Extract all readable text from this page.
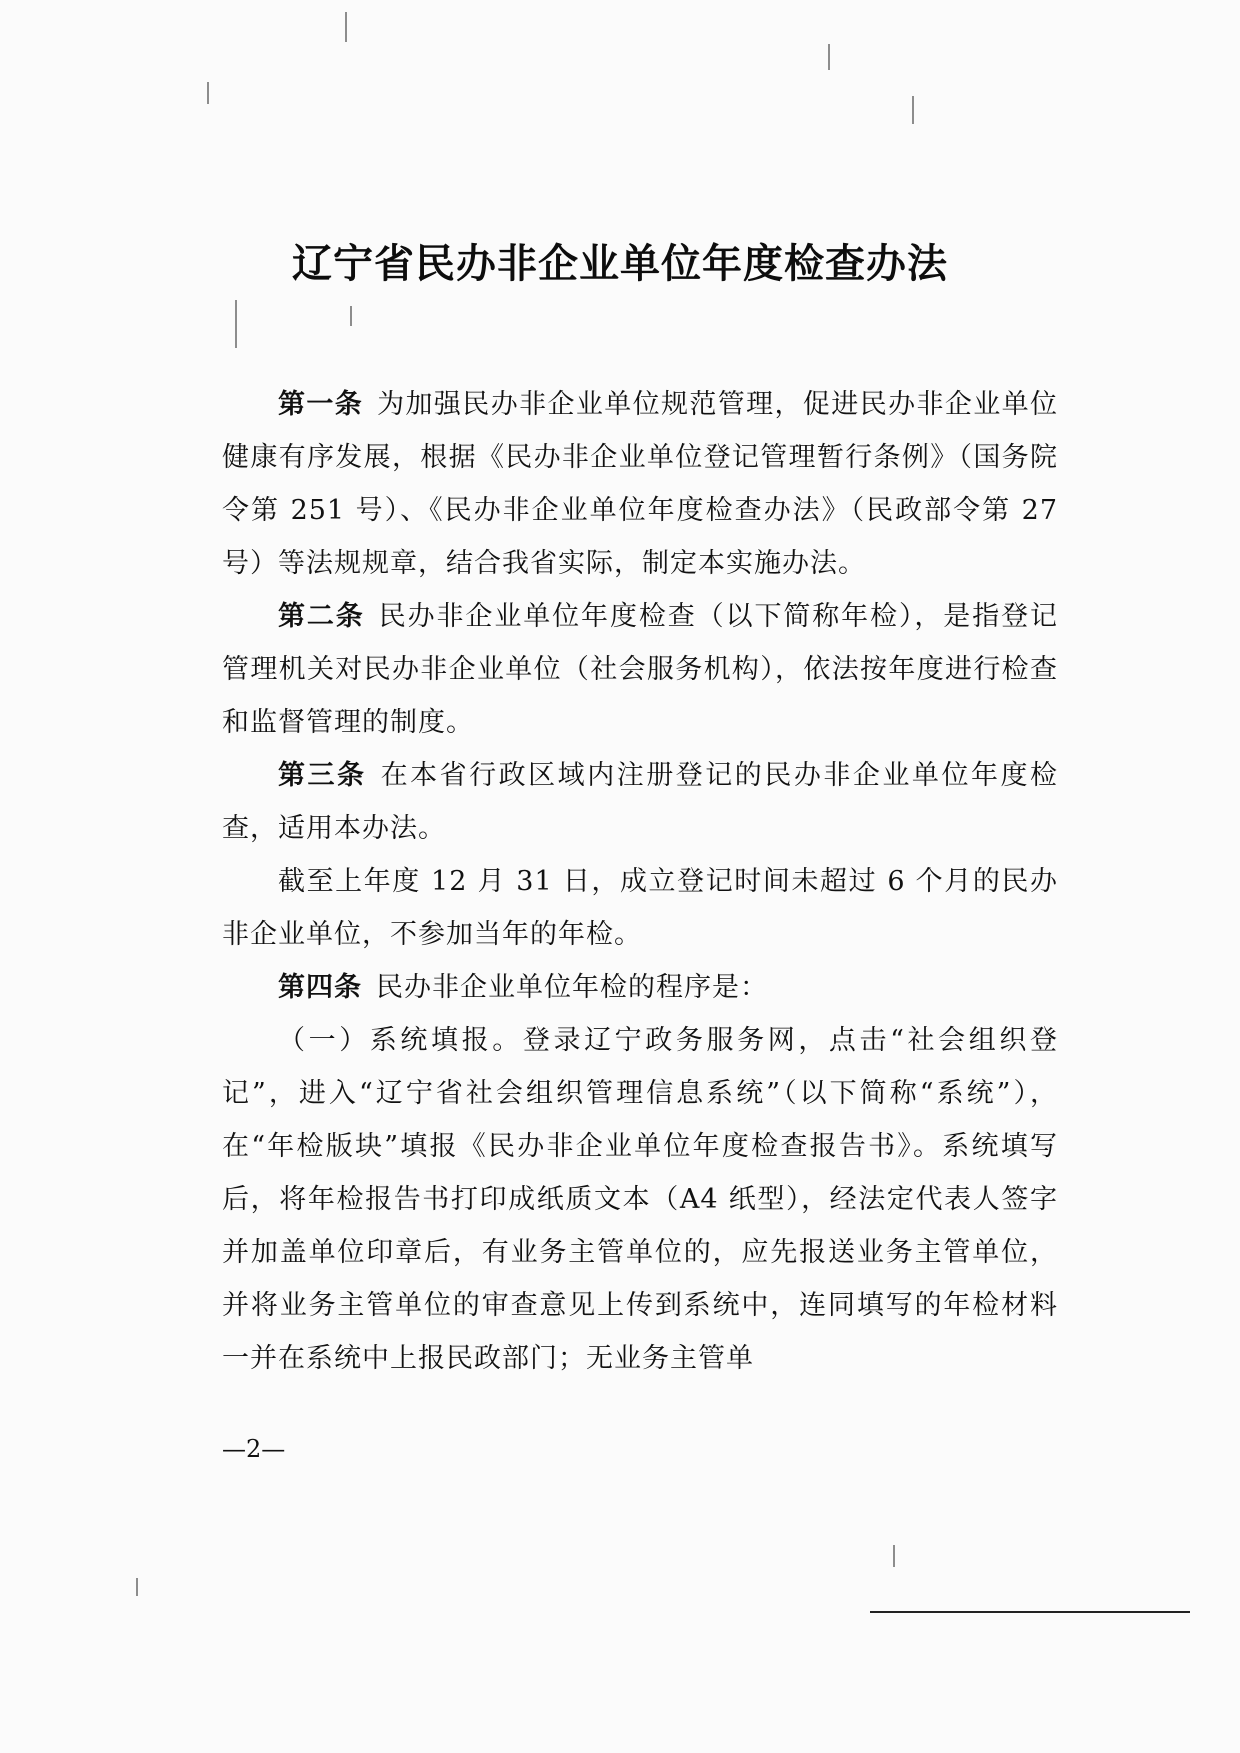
辽宁省民办非企业单位年度检查办法

第一条 为加强民办非企业单位规范管理，促进民办非企业单位健康有序发展，根据《民办非企业单位登记管理暂行条例》（国务院令第 251 号）、《民办非企业单位年度检查办法》（民政部令第 27 号）等法规规章，结合我省实际，制定本实施办法。

第二条 民办非企业单位年度检查（以下简称年检），是指登记管理机关对民办非企业单位（社会服务机构），依法按年度进行检查和监督管理的制度。

第三条 在本省行政区域内注册登记的民办非企业单位年度检查，适用本办法。

截至上年度 12 月 31 日，成立登记时间未超过 6 个月的民办非企业单位，不参加当年的年检。

第四条 民办非企业单位年检的程序是：

（一）系统填报。登录辽宁政务服务网，点击“社会组织登记”，进入“辽宁省社会组织管理信息系统”（以下简称“系统”），在“年检版块”填报《民办非企业单位年度检查报告书》。系统填写后，将年检报告书打印成纸质文本（A4 纸型），经法定代表人签字并加盖单位印章后，有业务主管单位的，应先报送业务主管单位，并将业务主管单位的审查意见上传到系统中，连同填写的年检材料一并在系统中上报民政部门；无业务主管单

—2—
